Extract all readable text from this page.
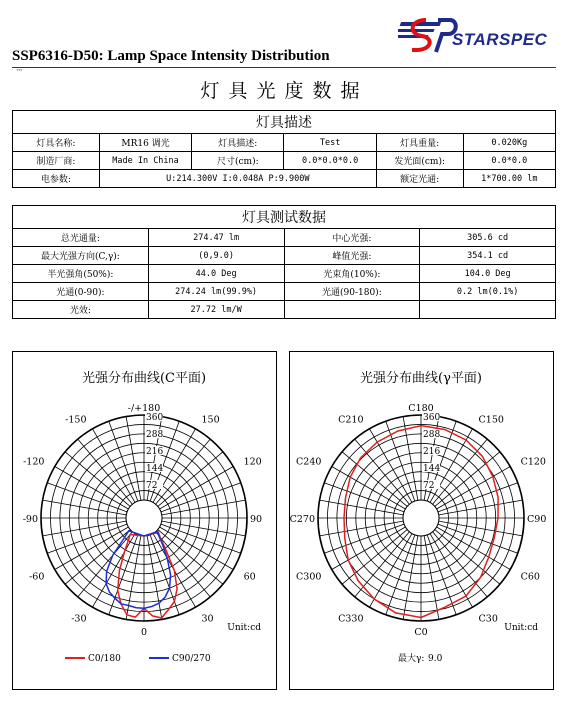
SSP6316-D50: Lamp Space Intensity Distribution
STARSPEC
™
灯具光度数据
灯具描述					
灯具名称:	MR16 调光	灯具描述:	Test	灯具重量:	0.020Kg
制造厂商:	Made In China	尺寸(cm):	0.0*0.0*0.0	发光面(cm):	0.0*0.0
电参数:	U:214.300V I:0.048A P:9.900W			额定光通:	1*700.00 lm
灯具测试数据			
总光通量:	274.47 lm	中心光强:	305.6 cd
最大光强方向(C,γ):	(0,9.0)	峰值光强:	354.1 cd
半光强角(50%):	44.0 Deg	光束角(10%):	104.0 Deg
光通(0-90):	274.24 lm(99.9%)	光通(90-180):	0.2 lm(0.1%)
光效:	27.72 lm/W		
光强分布曲线(C平面)
72
144
216
288
360
-/+180
150
120
90
60
30
0
-30
-60
-90
-120
-150
Unit:cd
C0/180	C90/270
光强分布曲线(γ平面)
72
144
216
288
360
C180
C150
C120
C90
C60
C30
C0
C330
C300
C270
C240
C210
Unit:cd
最大γ: 9.0
